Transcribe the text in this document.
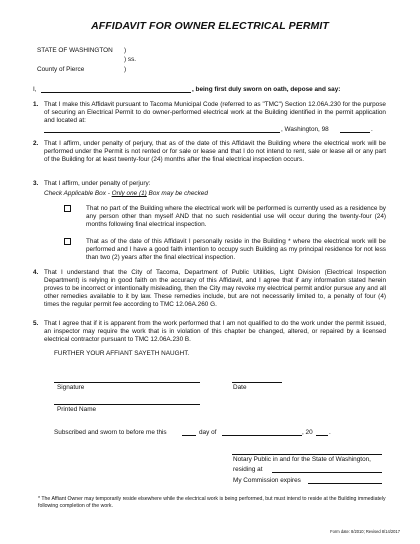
AFFIDAVIT FOR OWNER ELECTRICAL PERMIT
STATE OF WASHINGTON )
) ss.
County of Pierce	)
I,	, being first duly sworn on oath, depose and say:
1. That I make this Affidavit pursuant to Tacoma Municipal Code (referred to as "TMC") Section 12.06A.230 for the purpose of securing an Electrical Permit to do owner-performed electrical work at the Building identified in the permit application and located at:
, Washington, 98	.
2. That I affirm, under penalty of perjury, that as of the date of this Affidavit the Building where the electrical work will be performed under the Permit is not rented or for sale or lease and that I do not intend to rent, sale or lease all or any part of the Building for at least twenty-four (24) months after the final electrical inspection occurs.
3. That I affirm, under penalty of perjury:
Check Applicable Box - Only one (1) Box may be checked
That no part of the Building where the electrical work will be performed is currently used as a residence by any person other than myself AND that no such residential use will occur during the twenty-four (24) months following final electrical inspection.
That as of the date of this Affidavit I personally reside in the Building * where the electrical work will be performed and I have a good faith intention to occupy such Building as my principal residence for not less than two (2) years after the final electrical inspection.
4. That I understand that the City of Tacoma, Department of Public Utilities, Light Division (Electrical Inspection Department) is relying in good faith on the accuracy of this Affidavit, and I agree that if any information stated herein proves to be incorrect or intentionally misleading, then the City may revoke my electrical permit and/or pursue any and all other remedies available to it by law. These remedies include, but are not necessarily limited to, a penalty of four (4) times the regular permit fee according to TMC 12.06A.260 G.
5. That I agree that if it is apparent from the work performed that I am not qualified to do the work under the permit issued, an inspector may require the work that is in violation of this chapter be changed, altered, or repaired by a licensed electrical contractor pursuant to TMC 12.06A.230 B.
FURTHER YOUR AFFIANT SAYETH NAUGHT.
Signature	Date
Printed Name
Subscribed and sworn to before me this	day of	, 20	.
Notary Public in and for the State of Washington,
residing at
My Commission expires
* The Affiant Owner may temporarily reside elsewhere while the electrical work is being performed, but must intend to reside at the Building immediately following completion of the work.
Form date: 8/2010; Revised 8/14/2017
